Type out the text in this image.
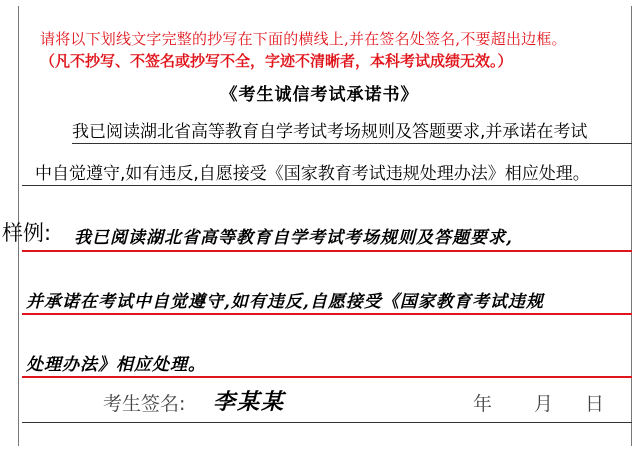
请将以下划线文字完整的抄写在下面的横线上,并在签名处签名,不要超出边框。
（凡不抄写、不签名或抄写不全，字迹不清晰者，本科考试成绩无效。）
《考生诚信考试承诺书》
我已阅读湖北省高等教育自学考试考场规则及答题要求,并承诺在考试
中自觉遵守,如有违反,自愿接受《国家教育考试违规处理办法》相应处理。
样例: 我已阅读湖北省高等教育自学考试考场规则及答题要求,
并承诺在考试中自觉遵守,如有违反,自愿接受《国家教育考试违规
处理办法》相应处理。
考生签名: 李某某	年 月 日
